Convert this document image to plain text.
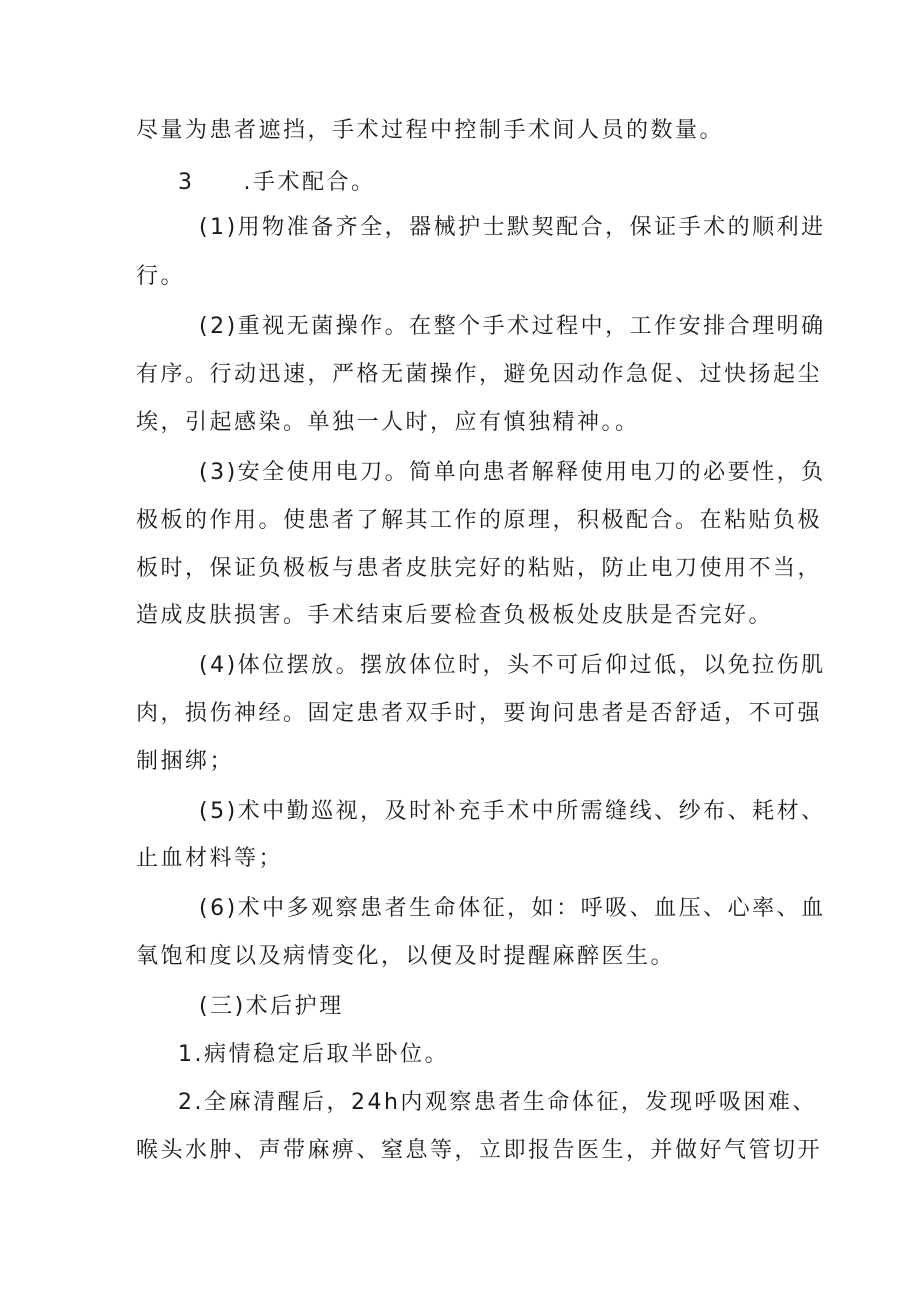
尽量为患者遮挡，手术过程中控制手术间人员的数量。
3　　.手术配合。
(1)用物准备齐全，器械护士默契配合，保证手术的顺利进
行。
(2)重视无菌操作。在整个手术过程中，工作安排合理明确
有序。行动迅速，严格无菌操作，避免因动作急促、过快扬起尘
埃，引起感染。单独一人时，应有慎独精神。。
(3)安全使用电刀。简单向患者解释使用电刀的必要性，负
极板的作用。使患者了解其工作的原理，积极配合。在粘贴负极
板时，保证负极板与患者皮肤完好的粘贴，防止电刀使用不当，
造成皮肤损害。手术结束后要检查负极板处皮肤是否完好。
(4)体位摆放。摆放体位时，头不可后仰过低，以免拉伤肌
肉，损伤神经。固定患者双手时，要询问患者是否舒适，不可强
制捆绑；
(5)术中勤巡视，及时补充手术中所需缝线、纱布、耗材、
止血材料等；
(6)术中多观察患者生命体征，如：呼吸、血压、心率、血
氧饱和度以及病情变化，以便及时提醒麻醉医生。
(三)术后护理
1.病情稳定后取半卧位。
2.全麻清醒后，24h内观察患者生命体征，发现呼吸困难、
喉头水肿、声带麻痹、窒息等，立即报告医生，并做好气管切开
